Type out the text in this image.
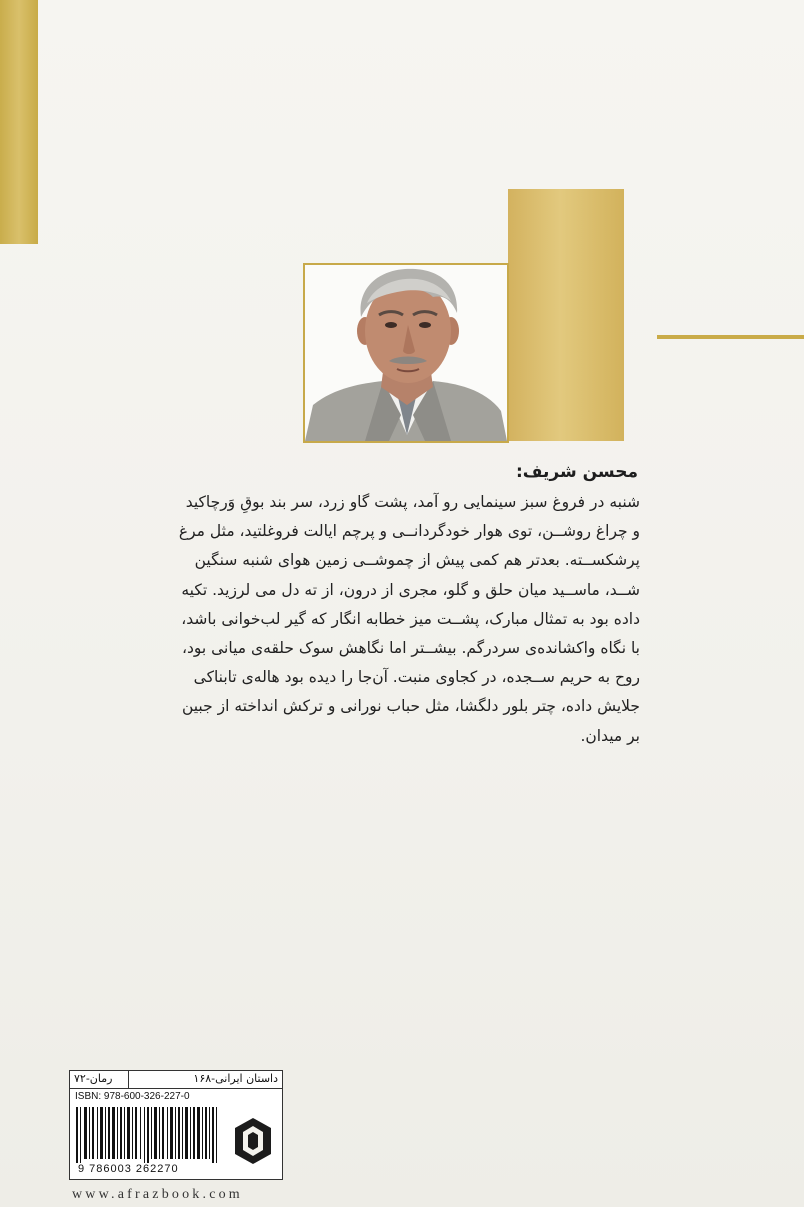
محسن شریف:
شنبه در فروغ سبز سینمایی رو آمد، پشت گاو زرد، سر بند بوقِ وَرچاکید
و چراغ روشــن، توی هوار خودگردانــی و پرچم ایالت فروغلتید، مثل مرغ
پرشکســته. بعدتر هم کمی پیش از چموشــی زمین هوای شنبه سنگین
شــد، ماســید میان حلق و گلو، مجری از درون، از ته دل می لرزید. تکیه
داده بود به تمثال مبارک، پشــت میز خطابه انگار که گیر لب‌خوانی باشد،
با نگاه واکشانده‌ی سردرگم. بیشــتر اما نگاهش سوک حلقه‌ی میانی بود،
روح به حریم ســجده، در کجاوی منبت. آن‌جا را دیده بود هاله‌ی تابناکی
جلایش داده، چتر بلور دلگشا، مثل حباب نورانی و ترکش انداخته از جبین
بر میدان.
داستان ایرانی-۱۶۸
رمان-۷۲
ISBN: 978-600-326-227-0
9 786003 262270
www.afrazbook.com
